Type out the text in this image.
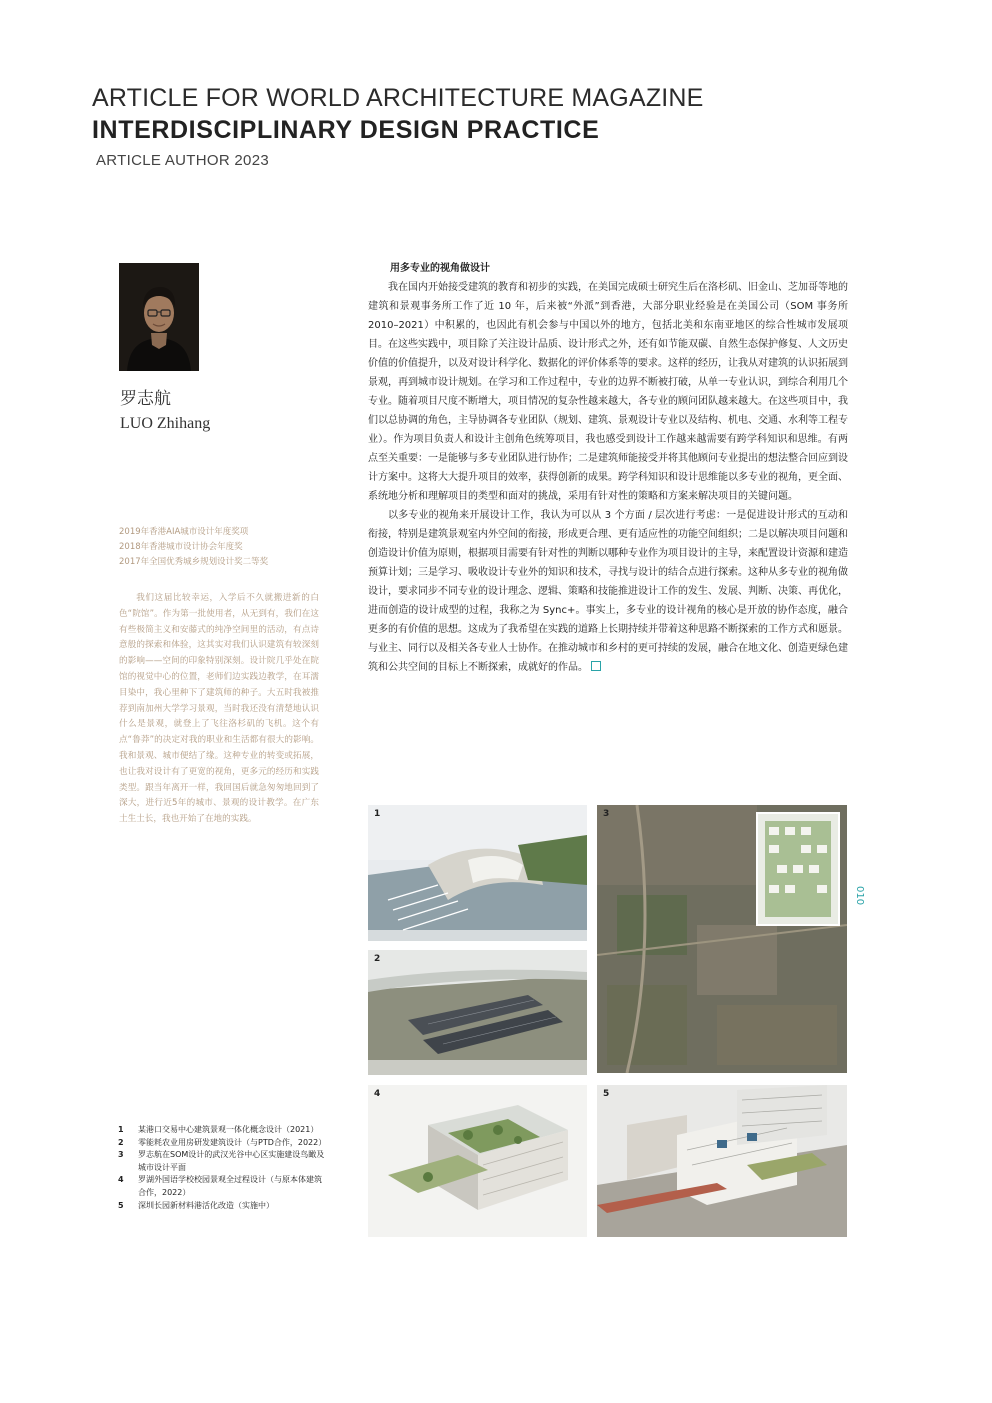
ARTICLE FOR WORLD ARCHITECTURE MAGAZINE
INTERDISCIPLINARY DESIGN PRACTICE
ARTICLE AUTHOR 2023
罗志航
LUO Zhihang
2019年香港AIA城市设计年度奖项
2018年香港城市设计协会年度奖
2017年全国优秀城乡规划设计奖二等奖
我们这届比较幸运，入学后不久就搬进新的白色“院馆”。作为第一批使用者，从无到有，我们在这有些极简主义和安藤式的纯净空间里的活动，有点诗意般的探索和体验，这其实对我们认识建筑有较深刻的影响——空间的印象特别深刻。设计院几乎处在院馆的视觉中心的位置，老师们边实践边教学，在耳濡目染中，我心里种下了建筑师的种子。大五时我被推荐到南加州大学学习景观，当时我还没有清楚地认识什么是景观，就登上了飞往洛杉矶的飞机。这个有点“鲁莽”的决定对我的职业和生活都有很大的影响。我和景观、城市便结了缘。这种专业的转变或拓展，也让我对设计有了更宽的视角，更多元的经历和实践类型。跟当年离开一样，我回国后就急匆匆地回到了深大，进行近5年的城市、景观的设计教学。在广东土生土长，我也开始了在地的实践。
用多专业的视角做设计

我在国内开始接受建筑的教育和初步的实践，在美国完成硕士研究生后在洛杉矶、旧金山、芝加哥等地的建筑和景观事务所工作了近 10 年，后来被“外派”到香港，大部分职业经验是在美国公司（SOM 事务所 2010–2021）中积累的，也因此有机会参与中国以外的地方，包括北美和东南亚地区的综合性城市发展项目。在这些实践中，项目除了关注设计品质、设计形式之外，还有如节能双碳、自然生态保护修复、人文历史价值的价值提升，以及对设计科学化、数据化的评价体系等的要求。这样的经历，让我从对建筑的认识拓展到景观，再到城市设计规划。在学习和工作过程中，专业的边界不断被打破，从单一专业认识，到综合利用几个专业。随着项目尺度不断增大，项目情况的复杂性越来越大，各专业的顾问团队越来越大。在这些项目中，我们以总协调的角色，主导协调各专业团队（规划、建筑、景观设计专业以及结构、机电、交通、水利等工程专业）。作为项目负责人和设计主创角色统筹项目，我也感受到设计工作越来越需要有跨学科知识和思维。有两点至关重要：一是能够与多专业团队进行协作；二是建筑师能接受并将其他顾问专业提出的想法整合回应到设计方案中。这将大大提升项目的效率，获得创新的成果。跨学科知识和设计思维能以多专业的视角，更全面、系统地分析和理解项目的类型和面对的挑战，采用有针对性的策略和方案来解决项目的关键问题。

以多专业的视角来开展设计工作，我认为可以从 3 个方面 / 层次进行考虑：一是促进设计形式的互动和衔接，特别是建筑景观室内外空间的衔接，形成更合理、更有适应性的功能空间组织；二是以解决项目问题和创造设计价值为原则，根据项目需要有针对性的判断以哪种专业作为项目设计的主导，来配置设计资源和建造预算计划；三是学习、吸收设计专业外的知识和技术，寻找与设计的结合点进行探索。这种从多专业的视角做设计，要求同步不同专业的设计理念、逻辑、策略和技能推进设计工作的发生、发展、判断、决策、再优化，进而创造的设计成型的过程，我称之为 Sync+。事实上，多专业的设计视角的核心是开放的协作态度，融合更多的有价值的思想。这成为了我希望在实践的道路上长期持续并带着这种思路不断探索的工作方式和愿景。与业主、同行以及相关各专业人士协作。在推动城市和乡村的更可持续的发展，融合在地文化、创造更绿色建筑和公共空间的目标上不断探索，成就好的作品。

010
1
2
3
4	5
1	某港口交易中心建筑景观一体化概念设计（2021）
2	零能耗农业用房研发建筑设计（与PTD合作，2022）
3	罗志航在SOM设计的武汉光谷中心区实施建设鸟瞰及城市设计平面
4	罗湖外国语学校校园景观全过程设计（与原本体建筑合作，2022）
5	深圳长园新材料港活化改造（实施中）
